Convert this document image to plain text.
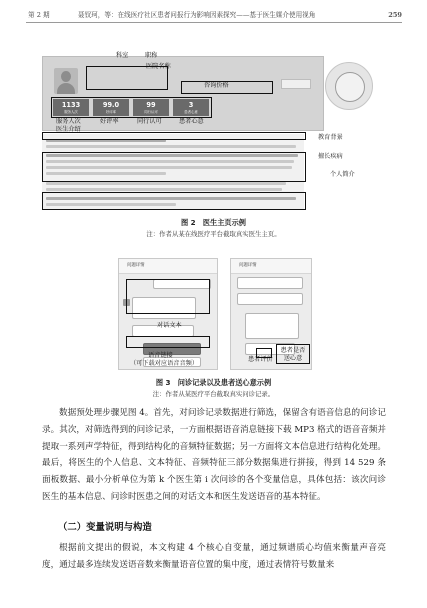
第 2 期	聂钗珂，等：在线医疗社区患者问报行为影响因素探究——基于医生媒介使用视角	259
1133
服务人次
99.0
好评率
99
同行认可
3
患者心意
科室	职称
医院名称
咨询价格
服务人次	好评率	同行认可	患者心意
医生介绍
教育背景
擅长疾病
个人简介
图 2　医生主页示例
注：作者从某在线医疗平台截取真实医生主页。
问题详情
对话文本
语音链接
（可下载对应语音音频）
问题详情
患者评价
患者是否送心意
图 3　问诊记录以及患者送心意示例
注：作者从某医疗平台截取真实问诊记录。

数据预处理步骤见图 4。首先，对问诊记录数据进行筛选，保留含有语音信息的问诊记录。其次，对筛选得到的问诊记录，一方面根据语音消息链接下载 MP3 格式的语音音频并提取一系列声学特征，得到结构化的音频特征数据；另一方面将文本信息进行结构化处理。最后，将医生的个人信息、文本特征、音频特征三部分数据集进行拼接，得到 14 529 条面板数据、最小分析单位为第 k 个医生第 i 次问诊的各个变量信息，具体包括：该次问诊医生的基本信息、问诊时医患之间的对话文本和医生发送语音的基本特征。

（二）变量说明与构造

根据前文提出的假说，本文构建 4 个核心自变量，通过频谱质心均值来衡量声音亮度，通过最多连续发送语音数来衡量语音位置的集中度，通过表情符号数量来
